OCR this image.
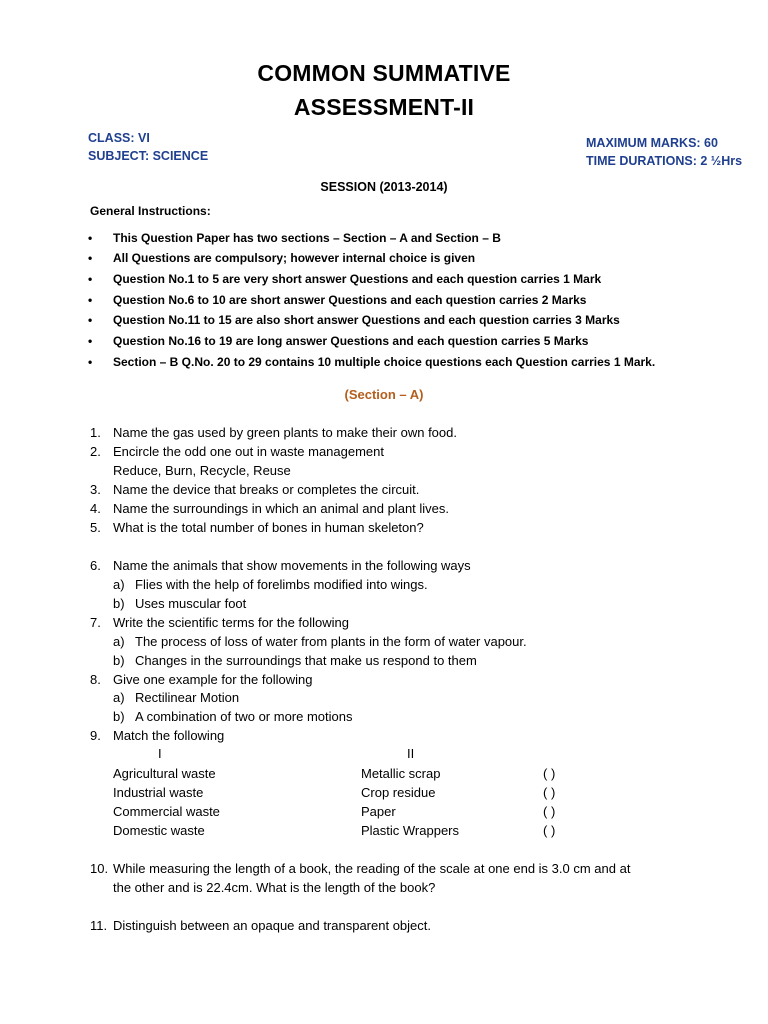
COMMON SUMMATIVE
ASSESSMENT-II
CLASS: VI
SUBJECT: SCIENCE
MAXIMUM MARKS: 60
TIME DURATIONS: 2 ½Hrs
SESSION (2013-2014)
General Instructions:
• This Question Paper has two sections – Section – A and Section – B
• All Questions are compulsory; however internal choice is given
• Question No.1 to 5 are very short answer Questions and each question carries 1 Mark
• Question No.6 to 10 are short answer Questions and each question carries 2 Marks
• Question No.11 to 15 are also short answer Questions and each question carries 3 Marks
• Question No.16 to 19 are long answer Questions and each question carries 5 Marks
• Section – B Q.No. 20 to 29 contains 10 multiple choice questions each Question carries 1 Mark.
(Section – A)
1. Name the gas used by green plants to make their own food.
2. Encircle the odd one out in waste management
Reduce, Burn, Recycle, Reuse
3. Name the device that breaks or completes the circuit.
4. Name the surroundings in which an animal and plant lives.
5. What is the total number of bones in human skeleton?
6. Name the animals that show movements in the following ways
a) Flies with the help of forelimbs modified into wings.
b) Uses muscular foot
7. Write the scientific terms for the following
a) The process of loss of water from plants in the form of water vapour.
b) Changes in the surroundings that make us respond to them
8. Give one example for the following
a) Rectilinear Motion
b) A combination of two or more motions
9. Match the following
I	II
Agricultural waste	Metallic scrap	( )
Industrial waste	Crop residue	( )
Commercial waste	Paper	( )
Domestic waste	Plastic Wrappers	( )
10. While measuring the length of a book, the reading of the scale at one end is 3.0 cm and at
the other and is 22.4cm. What is the length of the book?
11. Distinguish between an opaque and transparent object.
